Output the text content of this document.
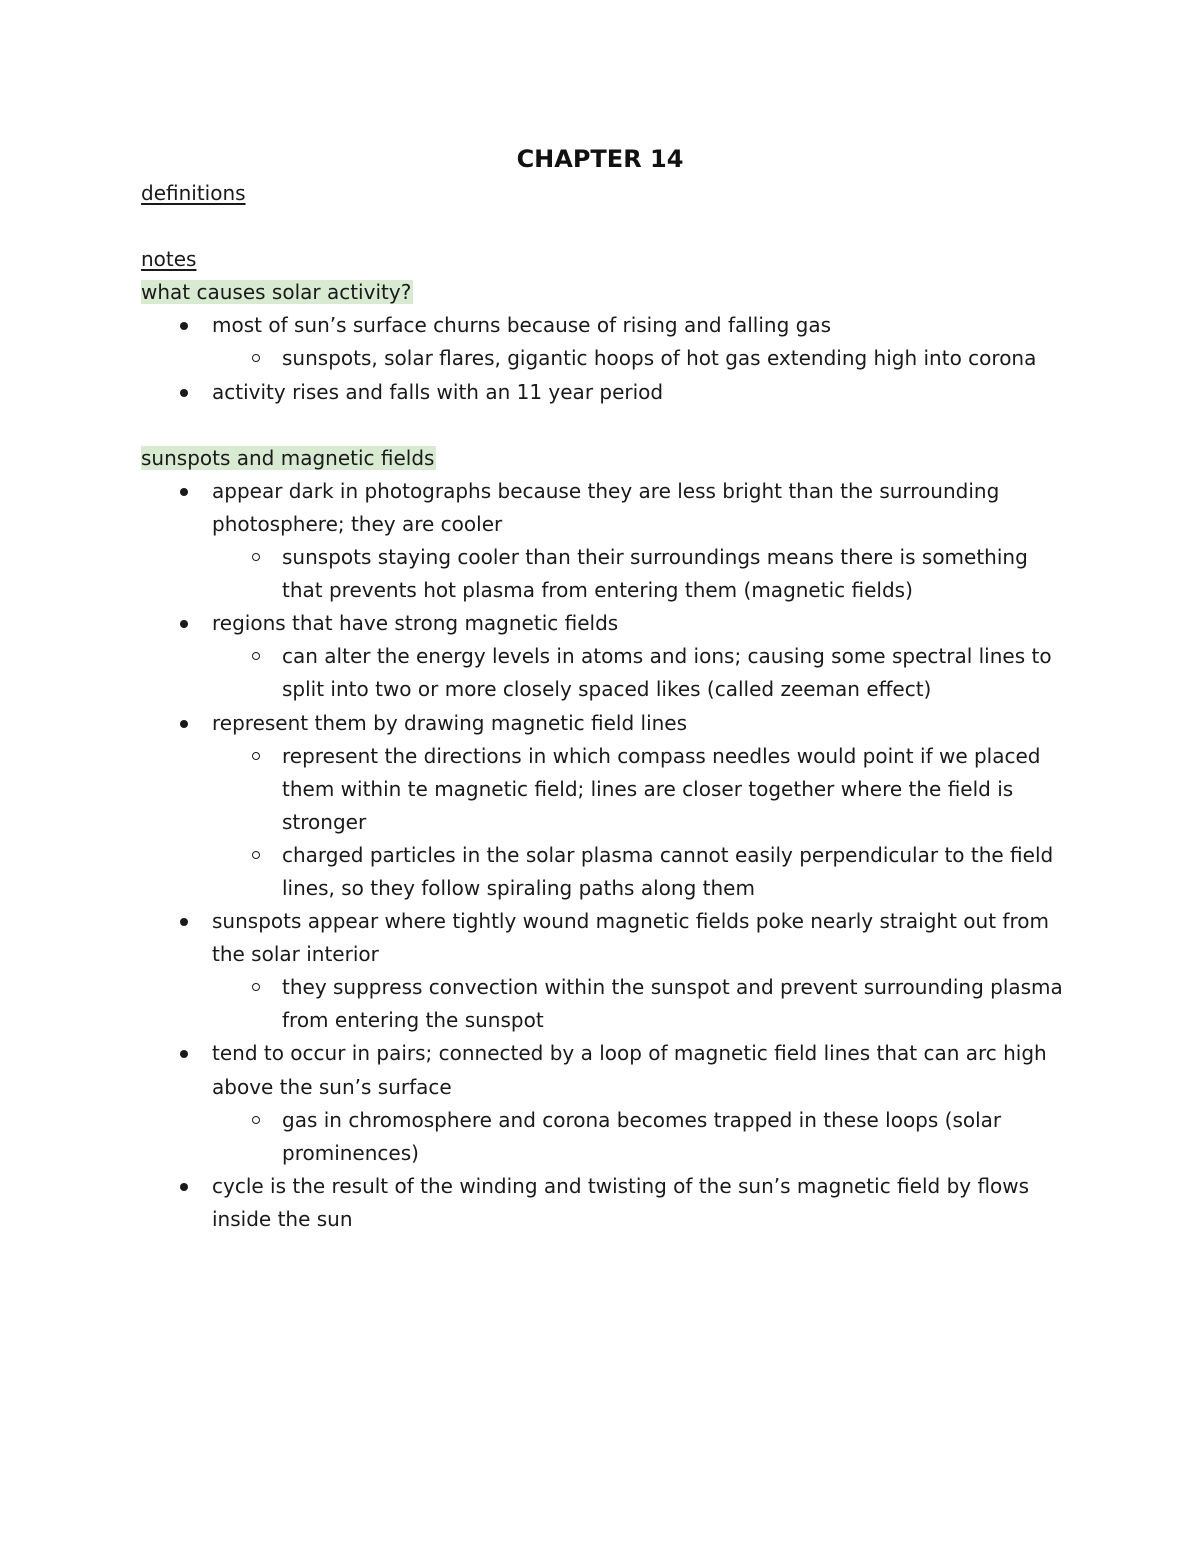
CHAPTER 14

definitions

notes

what causes solar activity?

most of sun’s surface churns because of rising and falling gas
sunspots, solar flares, gigantic hoops of hot gas extending high into corona
activity rises and falls with an 11 year period

sunspots and magnetic fields

appear dark in photographs because they are less bright than the surrounding photosphere; they are cooler
sunspots staying cooler than their surroundings means there is something that prevents hot plasma from entering them (magnetic fields)
regions that have strong magnetic fields
can alter the energy levels in atoms and ions; causing some spectral lines to split into two or more closely spaced likes (called zeeman effect)
represent them by drawing magnetic field lines
represent the directions in which compass needles would point if we placed them within te magnetic field; lines are closer together where the field is stronger
charged particles in the solar plasma cannot easily perpendicular to the field lines, so they follow spiraling paths along them
sunspots appear where tightly wound magnetic fields poke nearly straight out from the solar interior
they suppress convection within the sunspot and prevent surrounding plasma from entering the sunspot
tend to occur in pairs; connected by a loop of magnetic field lines that can arc high above the sun’s surface
gas in chromosphere and corona becomes trapped in these loops (solar prominences)
cycle is the result of the winding and twisting of the sun’s magnetic field by flows inside the sun
